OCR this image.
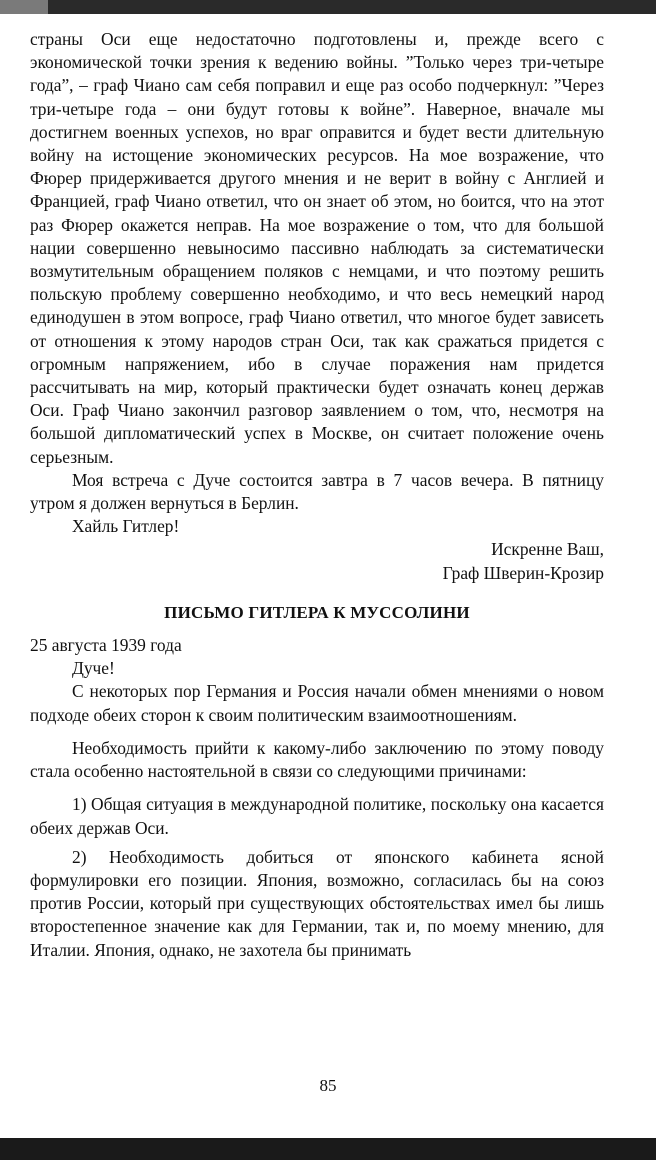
страны Оси еще недостаточно подготовлены и, прежде всего с экономической точки зрения к ведению войны. ”Только через три-четыре года”, – граф Чиано сам себя поправил и еще раз особо подчеркнул: ”Через три-четыре года – они будут готовы к войне”. Наверное, вначале мы достигнем военных успехов, но враг оправится и будет вести длительную войну на истощение экономических ресурсов. На мое возражение, что Фюрер придерживается другого мнения и не верит в войну с Англией и Францией, граф Чиано ответил, что он знает об этом, но боится, что на этот раз Фюрер окажется неправ. На мое возражение о том, что для большой нации совершенно невыносимо пассивно наблюдать за систематически возмутительным обращением поляков с немцами, и что поэтому решить польскую проблему совершенно необходимо, и что весь немецкий народ единодушен в этом вопросе, граф Чиано ответил, что многое будет зависеть от отношения к этому народов стран Оси, так как сражаться придется с огромным напряжением, ибо в случае поражения нам придется рассчитывать на мир, который практически будет означать конец держав Оси. Граф Чиано закончил разговор заявлением о том, что, несмотря на большой дипломатический успех в Москве, он считает положение очень серьезным.

Моя встреча с Дуче состоится завтра в 7 часов вечера. В пятницу утром я должен вернуться в Берлин.

Хайль Гитлер!

Искренне Ваш,

Граф Шверин-Крозир

ПИСЬМО ГИТЛЕРА К МУССОЛИНИ

25 августа 1939 года

Дуче!

С некоторых пор Германия и Россия начали обмен мнениями о новом подходе обеих сторон к своим политическим взаимоотношениям.

Необходимость прийти к какому-либо заключению по этому поводу стала особенно настоятельной в связи со следующими причинами:

1) Общая ситуация в международной политике, поскольку она касается обеих держав Оси.

2) Необходимость добиться от японского кабинета ясной формулировки его позиции. Япония, возможно, согласилась бы на союз против России, который при существующих обстоятельствах имел бы лишь второстепенное значение как для Германии, так и, по моему мнению, для Италии. Япония, однако, не захотела бы принимать

85
